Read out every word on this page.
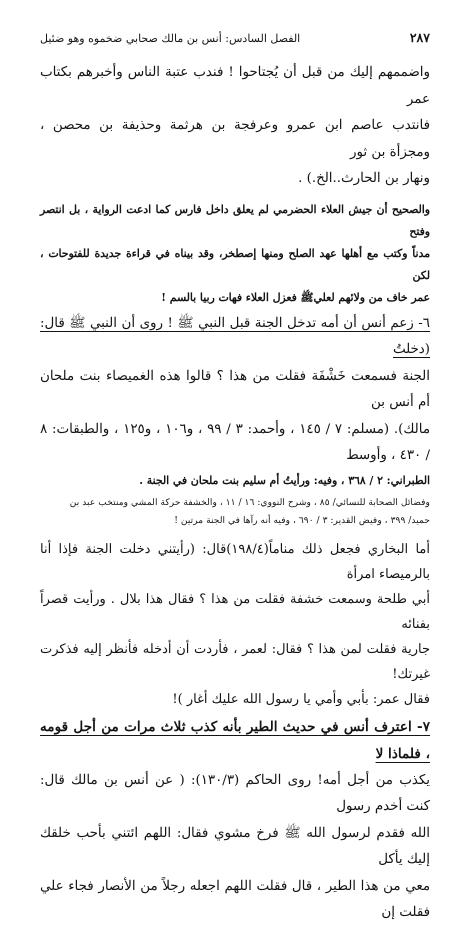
٢٨٧
الفصل السادس: أنس بن مالك صحابي ضخموه وهو ضئيل

واضممهم إليك من قبل أن يُجتاحوا ! فندب عتبة الناس وأخبرهم بكتاب عمر

فانتدب عاصم ابن عمرو وعرفجة بن هرثمة وحذيفة بن محصن ، ومجزأة بن ثور

ونهار بن الحارث..الخ.) .

والصحيح أن جيش العلاء الحضرمي لم يعلق داخل فارس كما ادعت الرواية ، بل انتصر وفتح

مدناً وكتب مع أهلها عهد الصلح ومنها إصطخر، وقد بيناه في قراءة جديدة للفتوحات ، لكن

عمر خاف من ولائهم لعليﷺ فعزل العلاء فهات ربيا بالسم !

٦- زعم أنس أن أمه تدخل الجنة قبل النبي ﷺ ! روى أن النبي ﷺ قال: (دخلتُ

الجنة فسمعت خَشْفَة فقلت من هذا ؟ قالوا هذه الغميصاء بنت ملحان أم أنس بن

مالك). (مسلم: ٧ / ١٤٥ ، وأحمد: ٣ / ٩٩ ، و١٠٦ ، و١٢٥ ، والطبقات: ٨ / ٤٣٠ ، وأوسط

الطبراني: ٢ / ٣٦٨ ، وفيه: ورأيتُ أم سليم بنت ملحان في الجنة .

وفضائل الصحابة للنسائي/ ٨٥ ، وشرح النووي: ١٦ / ١١ ، والخشفة حركة المشي ومنتخب عبد بن

حميد/ ٣٩٩ ، وفيض القدير: ٣ / ٦٩٠ ، وفيه أنه رآها في الجنة مرتين !

أما البخاري فجعل ذلك مناماً(١٩٨/٤)قال: (رأيتني دخلت الجنة فإذا أنا بالرميصاء امرأة

أبي طلحة وسمعت خشفة فقلت من هذا ؟ فقال هذا بلال . ورأيت قصراً بفنائه

جارية فقلت لمن هذا ؟ فقال: لعمر ، فأردت أن أدخله فأنظر إليه فذكرت غيرتك!

فقال عمر: بأبي وأمي يا رسول الله عليك أغار )!

٧- اعترف أنس في حديث الطير بأنه كذب ثلاث مرات من أجل قومه ، فلماذا لا

يكذب من أجل أمه! روى الحاكم (١٣٠/٣): ( عن أنس بن مالك قال: كنت أخدم رسول

الله فقدم لرسول الله ﷺ فرخ مشوي فقال: اللهم ائتني بأحب خلقك إليك يأكل

معي من هذا الطير ، قال فقلت اللهم اجعله رجلاً من الأنصار فجاء علي فقلت إن
